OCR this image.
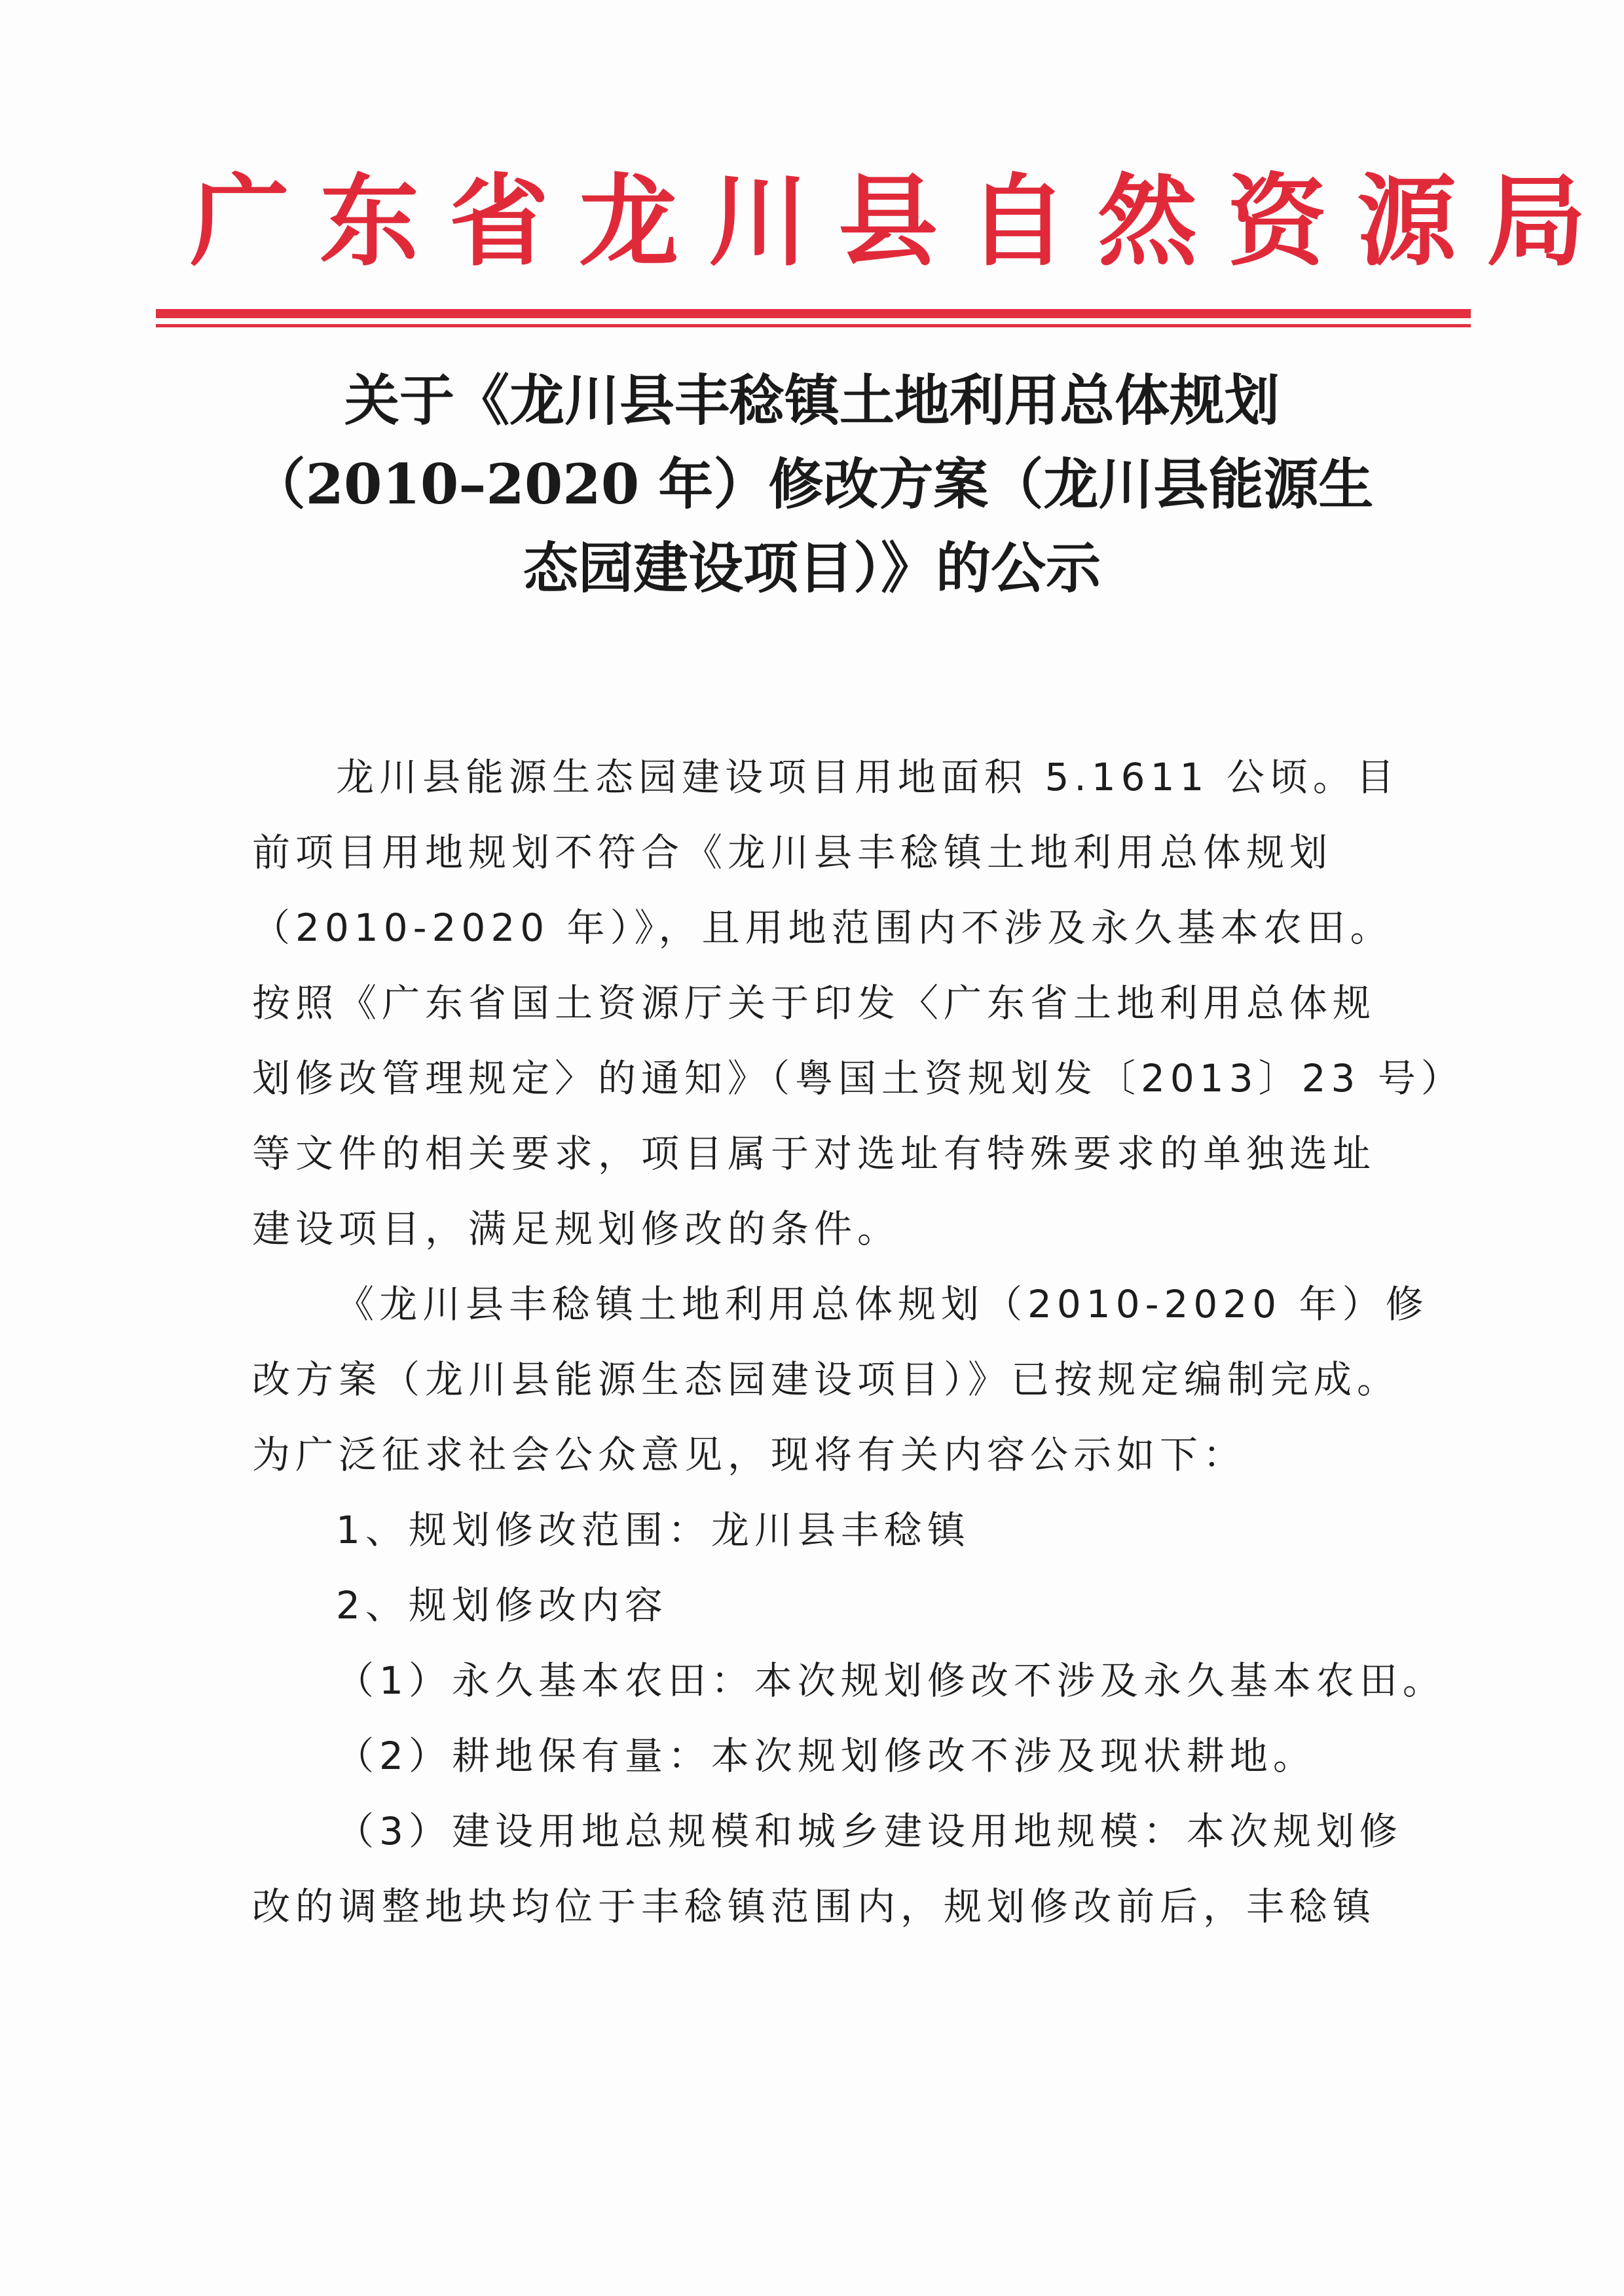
广东省龙川县自然资源局
关于《龙川县丰稔镇土地利用总体规划
（2010–2020 年）修改方案（龙川县能源生
态园建设项目）》的公示
龙川县能源生态园建设项目用地面积 5.1611 公顷。目
前项目用地规划不符合《龙川县丰稔镇土地利用总体规划
（2010-2020 年）》，且用地范围内不涉及永久基本农田。
按照《广东省国土资源厅关于印发〈广东省土地利用总体规
划修改管理规定〉的通知》（粤国土资规划发〔2013〕23 号）
等文件的相关要求，项目属于对选址有特殊要求的单独选址
建设项目，满足规划修改的条件。
《龙川县丰稔镇土地利用总体规划（2010-2020 年）修
改方案（龙川县能源生态园建设项目）》已按规定编制完成。
为广泛征求社会公众意见，现将有关内容公示如下：
1、规划修改范围：龙川县丰稔镇
2、规划修改内容
（1）永久基本农田：本次规划修改不涉及永久基本农田。
（2）耕地保有量：本次规划修改不涉及现状耕地。
（3）建设用地总规模和城乡建设用地规模：本次规划修
改的调整地块均位于丰稔镇范围内，规划修改前后，丰稔镇
